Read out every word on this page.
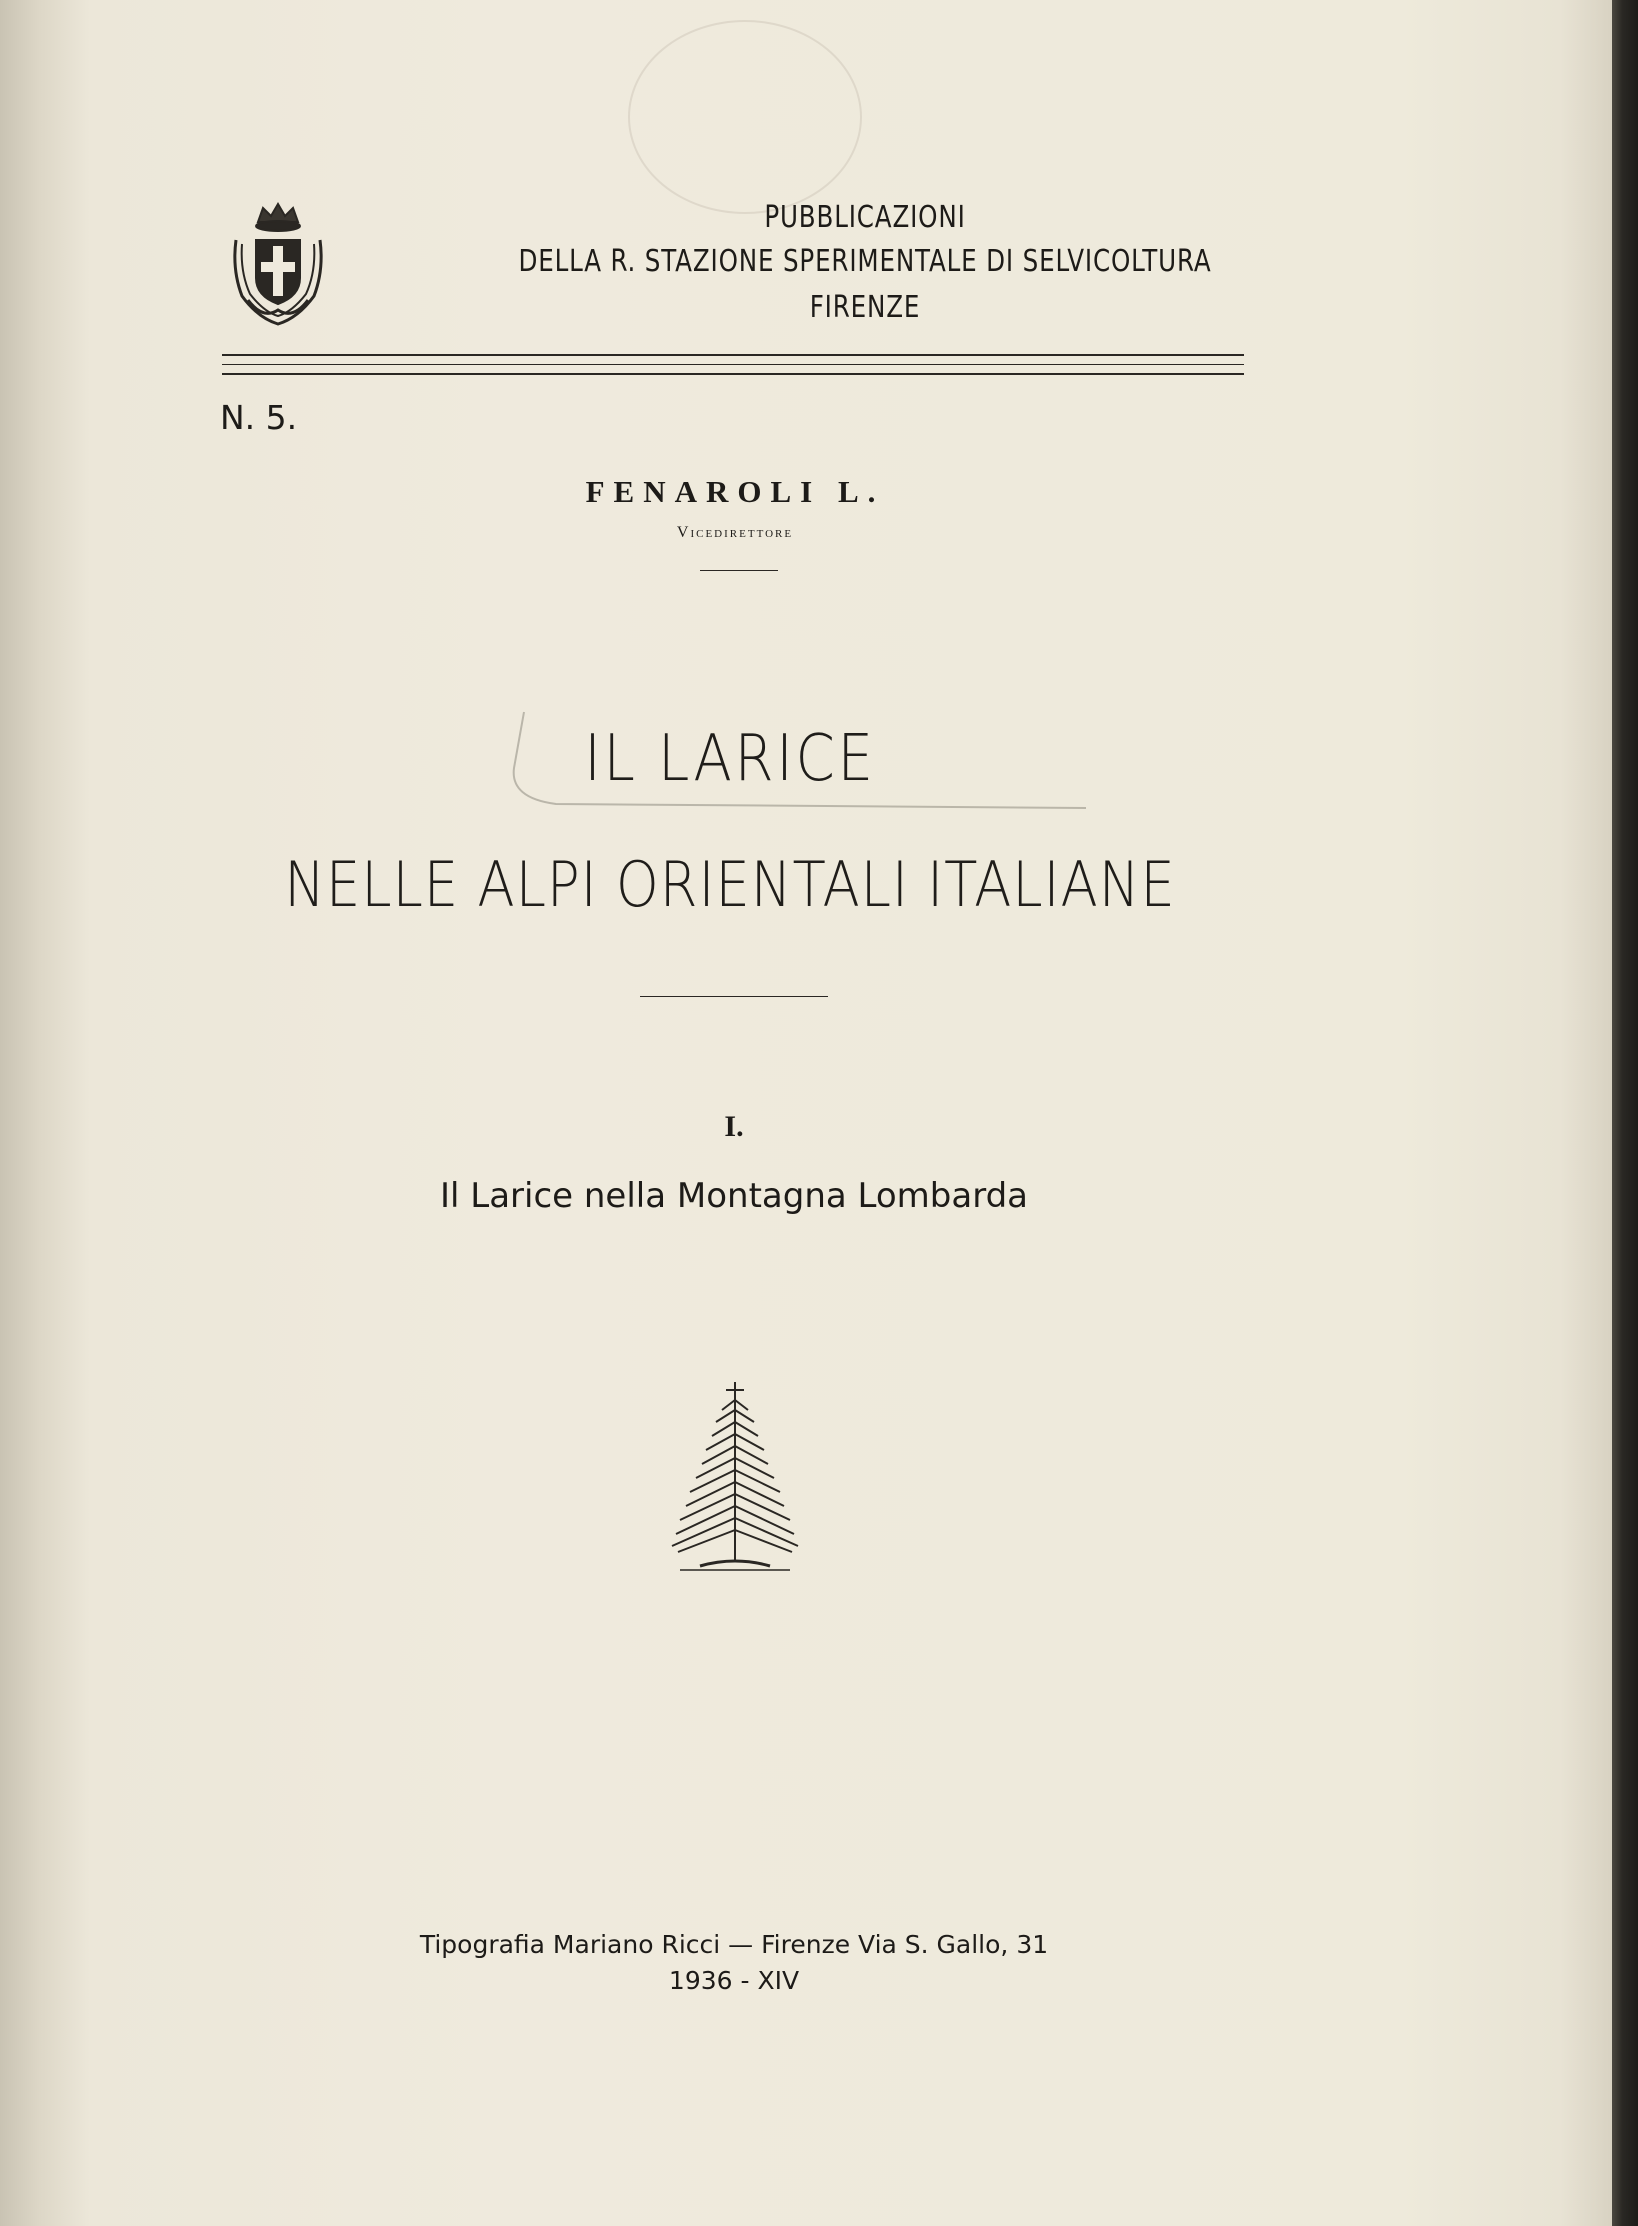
PUBBLICAZIONI
DELLA R. STAZIONE SPERIMENTALE DI SELVICOLTURA
FIRENZE
N. 5.
FENAROLI L.
Vicedirettore
IL LARICE
NELLE ALPI ORIENTALI ITALIANE
I.
Il Larice nella Montagna Lombarda
Tipografia Mariano Ricci — Firenze Via S. Gallo, 31
1936 - XIV
